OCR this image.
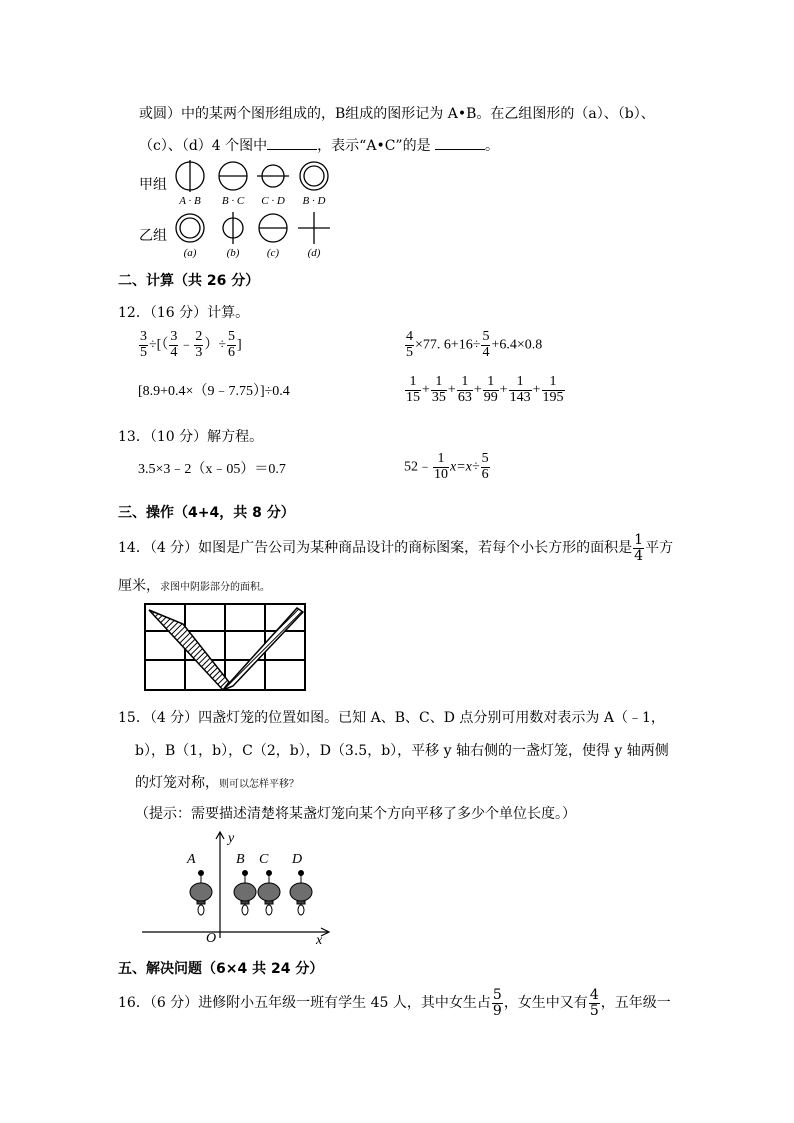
或圆）中的某两个图形组成的，B组成的图形记为 A•B。在乙组图形的（a）、（b）、
（c）、（d）4 个图中	，表示“A•C”的是	。
甲组
乙组
A · B B · C C · D B · D
(a)	(b) (c)	(d)
二、计算（共 26 分）
12．（16 分）计算。
$\frac{3}{5}$ ÷[（ $\frac{3}{4}$ ﹣ $\frac{2}{3}$ ）÷ $\frac{5}{6}$ ]	$\frac{4}{5} \times 77$. $6+16\div \frac{5}{4} +6.4\times 0.8$
[8.9+0.4×（9﹣7.75）]÷0.4	$\frac{1}{15} + \frac{1}{35} + \frac{1}{63} + \frac{1}{99} + \frac{1}{143} + \frac{1}{195}$
13．（10 分）解方程。
3.5×3﹣2（x﹣05）＝0.7	52﹣ $\frac{1}{10} x=x\div \frac{5}{6}$
三、操作（4+4，共 8 分）
14．（4 分）如图是广告公司为某种商品设计的商标图案，若每个小长方形的面积是 $\frac{1}{4}$ 平方
厘米，求图中阴影部分的面积。
15．（4 分）四盏灯笼的位置如图。已知 A、B、C、D 点分别可用数对表示为 A（﹣1，
b），B（1，b），C（2，b），D（3.5，b），平移 y 轴右侧的一盏灯笼，使得 y 轴两侧
的灯笼对称，则可以怎样平移？
（提示：需要描述清楚将某盏灯笼向某个方向平移了多少个单位长度。）
y
x
O
A	B C D
五、解决问题（6×4 共 24 分）
16．（6 分）进修附小五年级一班有学生 45 人，其中女生占 $\frac{5}{9}$ ，女生中又有 $\frac{4}{5}$ ，五年级一
